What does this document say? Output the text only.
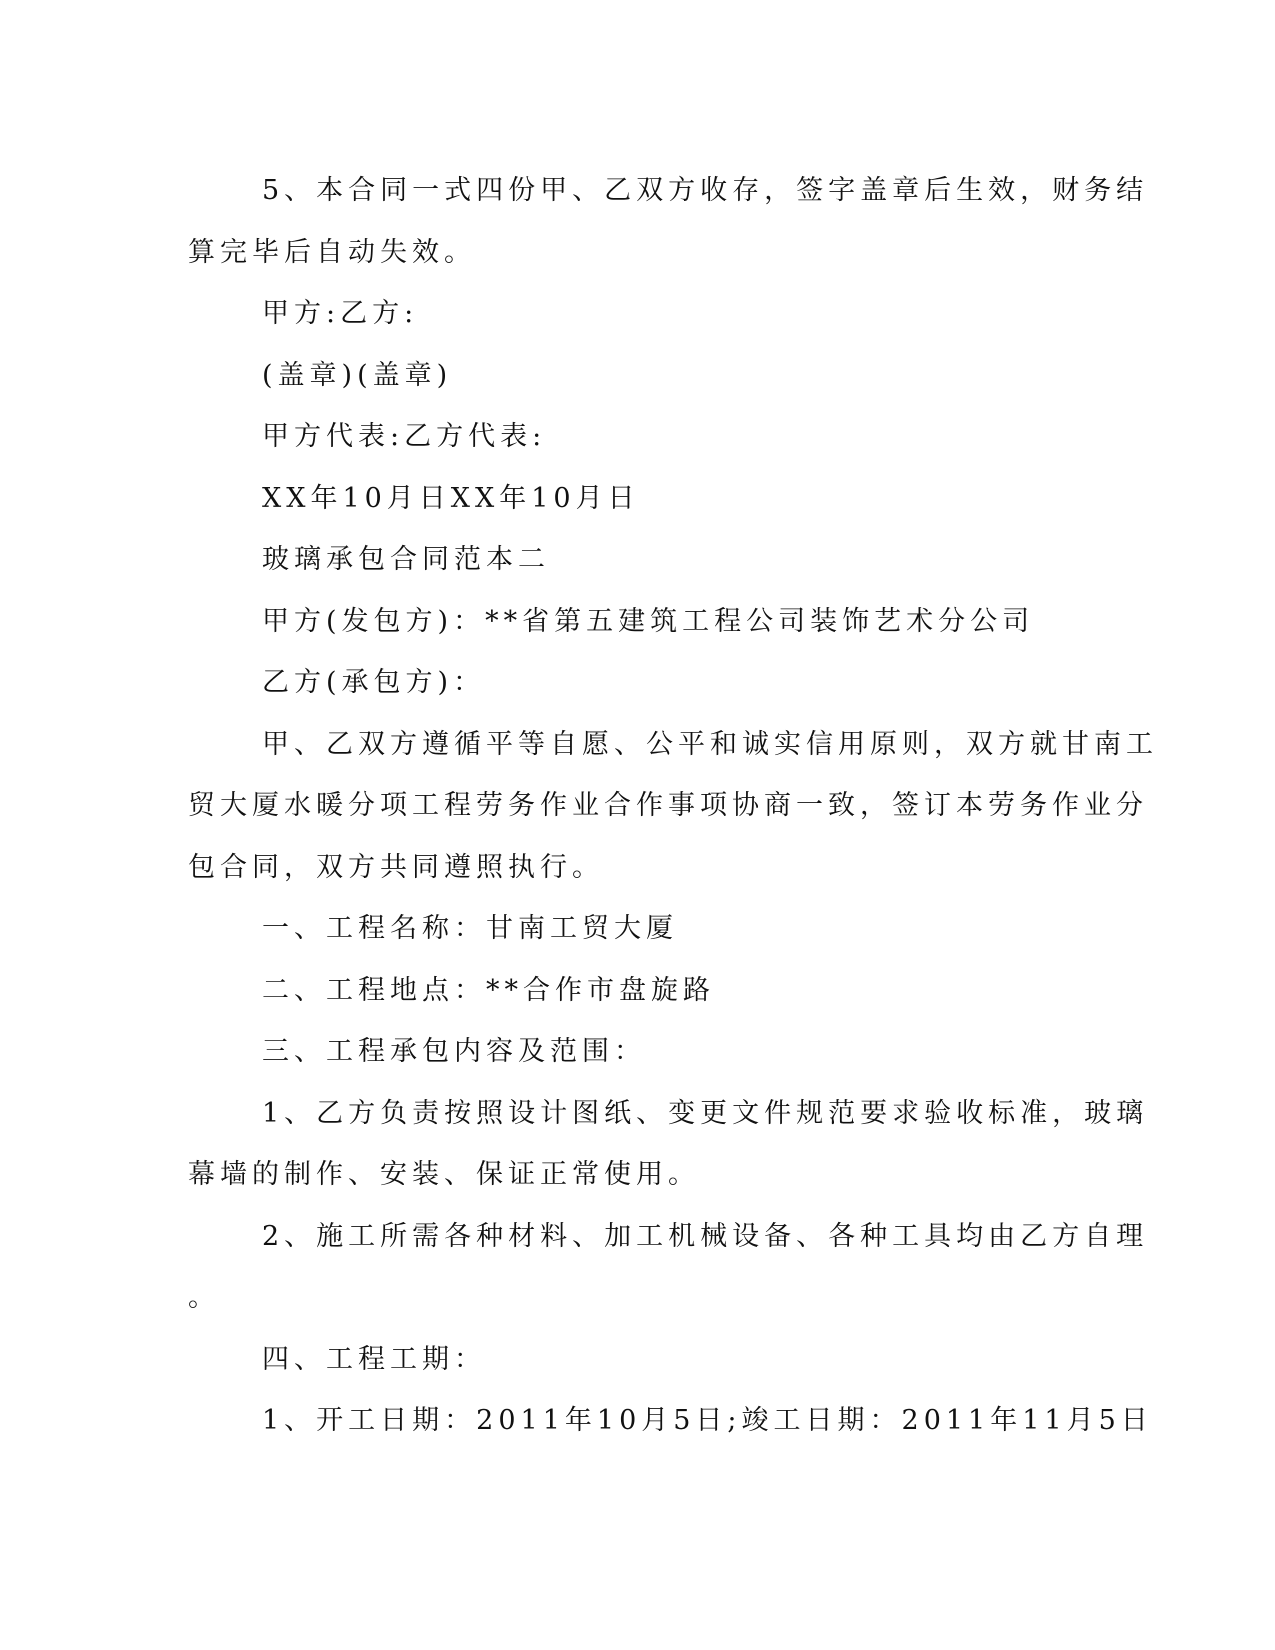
5、本合同一式四份甲、乙双方收存，签字盖章后生效，财务结
算完毕后自动失效。
甲方:乙方:
(盖章)(盖章)
甲方代表:乙方代表:
XX年10月日XX年10月日
玻璃承包合同范本二
甲方(发包方)：**省第五建筑工程公司装饰艺术分公司
乙方(承包方)：
甲、乙双方遵循平等自愿、公平和诚实信用原则，双方就甘南工
贸大厦水暖分项工程劳务作业合作事项协商一致，签订本劳务作业分
包合同，双方共同遵照执行。
一、工程名称：甘南工贸大厦
二、工程地点：**合作市盘旋路
三、工程承包内容及范围：
1、乙方负责按照设计图纸、变更文件规范要求验收标准，玻璃
幕墙的制作、安装、保证正常使用。
2、施工所需各种材料、加工机械设备、各种工具均由乙方自理
。
四、工程工期：
1、开工日期：2011年10月5日;竣工日期：2011年11月5日
